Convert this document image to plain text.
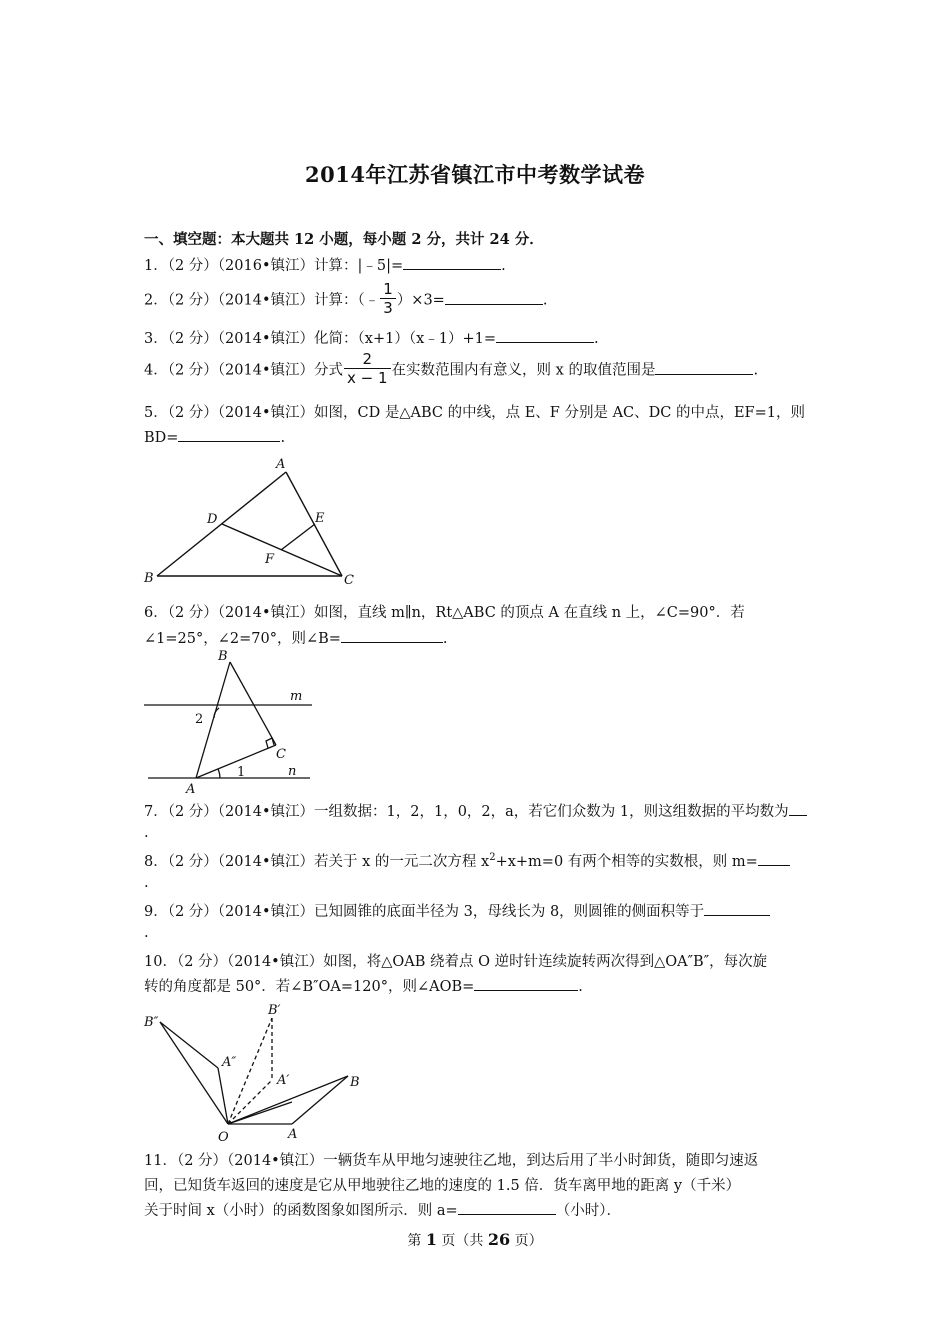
2014年江苏省镇江市中考数学试卷
一、填空题：本大题共 12 小题，每小题 2 分，共计 24 分．
1．（2 分）（2016•镇江）计算：|﹣5|=	.
2．（2 分）（2014•镇江）计算：（﹣ $\frac{1}{3} )\times 3=$	.
3．（2 分）（2014•镇江）化简：（x+1）（x﹣1）+1=	.
4．（2 分）（2014•镇江）分式 $\frac{2}{x - 1}$ 在实数范围内有意义，则 x 的取值范围是	.
5．（2 分）（2014•镇江）如图，CD 是△ABC 的中线，点 E、F 分别是 AC、DC 的中点，EF=1，则
BD=	.
A
B	C
D	E
F
6．（2 分）（2014•镇江）如图，直线 m∥n，Rt△ABC 的顶点 A 在直线 n 上，∠C=90°．若
∠1=25°，∠2=70°，则∠B=	.
B
m
2
C
1	n
A
7．（2 分）（2014•镇江）一组数据：1，2，1，0，2，a，若它们众数为 1，则这组数据的平均数为
.
8．（2 分）（2014•镇江）若关于 x 的一元二次方程 $x^2+x+m=0$ 有两个相等的实数根，则 m=
.
9．（2 分）（2014•镇江）已知圆锥的底面半径为 3，母线长为 8，则圆锥的侧面积等于
.
10．（2 分）（2014•镇江）如图，将△OAB 绕着点 O 逆时针连续旋转两次得到△OA″B″，每次旋
转的角度都是 50°．若∠B″OA=120°，则∠AOB=	.
B″
B′
A″
A′	B
O	A
11．（2 分）（2014•镇江）一辆货车从甲地匀速驶往乙地，到达后用了半小时卸货，随即匀速返
回，已知货车返回的速度是它从甲地驶往乙地的速度的 1.5 倍．货车离甲地的距离 y（千米）
关于时间 x（小时）的函数图象如图所示．则 a=	（小时）．
第 1 页（共 26 页）
